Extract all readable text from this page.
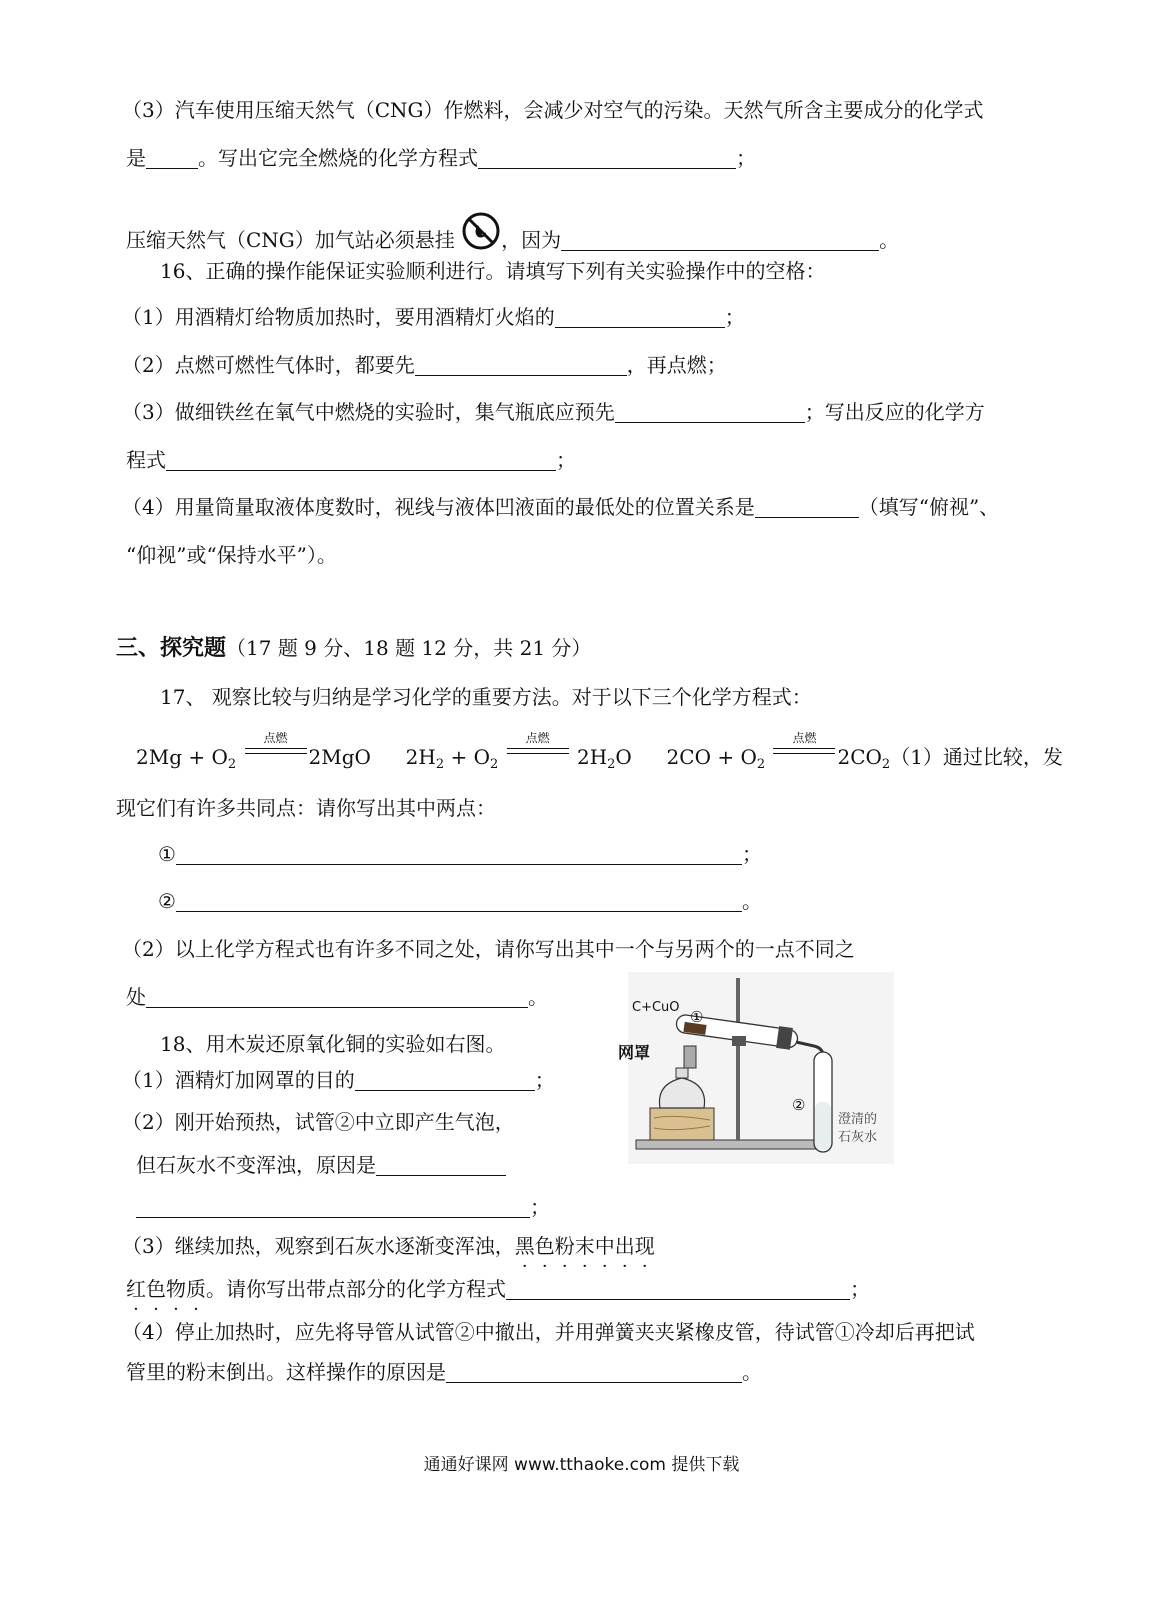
（3）汽车使用压缩天然气（CNG）作燃料，会减少对空气的污染。天然气所含主要成分的化学式
是	。写出它完全燃烧的化学方程式	；
压缩天然气（CNG）加气站必须悬挂 ，因为	。
16、正确的操作能保证实验顺利进行。请填写下列有关实验操作中的空格：
（1）用酒精灯给物质加热时，要用酒精灯火焰的	；
（2）点燃可燃性气体时，都要先	，再点燃；
（3）做细铁丝在氧气中燃烧的实验时，集气瓶底应预先	；写出反应的化学方
程式	；
（4）用量筒量取液体度数时，视线与液体凹液面的最低处的位置关系是	（填写“俯视”、
“仰视”或“保持水平”）。
三、探究题（17 题 9 分、18 题 12 分，共 21 分）
17、 观察比较与归纳是学习化学的重要方法。对于以下三个化学方程式：
$2Mg + O_2$
点燃
2MgO $2H_2 + O_2$
点燃
$2H_2O$ $2CO + O_2$
点燃
$2CO_2(1)$通过比较，发
现它们有许多共同点：请你写出其中两点：
①	；
②	。
（2）以上化学方程式也有许多不同之处，请你写出其中一个与另两个的一点不同之
处	。
18、用木炭还原氧化铜的实验如右图。
（1）酒精灯加网罩的目的	；
（2）刚开始预热，试管②中立即产生气泡，
但石灰水不变浑浊，原因是
；
（3）继续加热，观察到石灰水逐渐变浑浊，黑色粉末中出现
红色物质。请你写出带点部分的化学方程式	；
（4）停止加热时，应先将导管从试管②中撤出，并用弹簧夹夹紧橡皮管，待试管①冷却后再把试
管里的粉末倒出。这样操作的原因是	。
C+CuO
①
网罩
②
澄清的
石灰水
通通好课网 www.tthaoke.com 提供下载
